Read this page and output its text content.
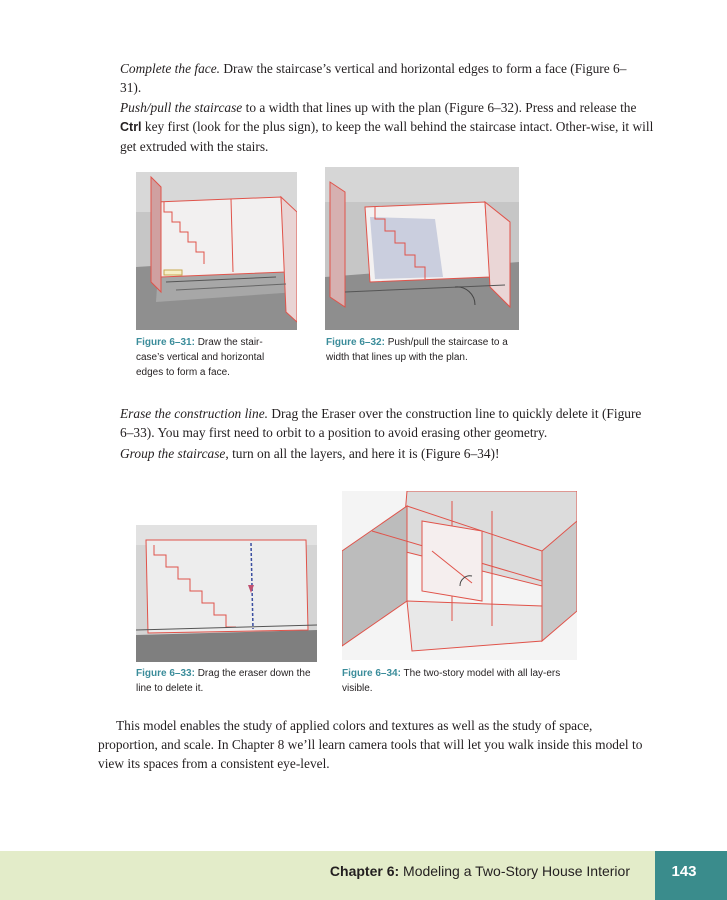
Complete the face. Draw the staircase’s vertical and horizontal edges to form a face (Figure 6–31).

Push/pull the staircase to a width that lines up with the plan (Figure 6–32). Press and release the Ctrl key first (look for the plus sign), to keep the wall behind the staircase intact. Other-wise, it will get extruded with the stairs.

Figure 6–31: Draw the stair-case’s vertical and horizontal edges to form a face.

Figure 6–32: Push/pull the staircase to a width that lines up with the plan.

Erase the construction line. Drag the Eraser over the construction line to quickly delete it (Figure 6–33). You may first need to orbit to a position to avoid erasing other geometry.

Group the staircase, turn on all the layers, and here it is (Figure 6–34)!

Figure 6–33: Drag the eraser down the line to delete it.

Figure 6–34: The two-story model with all lay-ers visible.

This model enables the study of applied colors and textures as well as the study of space, proportion, and scale. In Chapter 8 we’ll learn camera tools that will let you walk inside this model to view its spaces from a consistent eye-level.

Chapter 6: Modeling a Two-Story House Interior	143
